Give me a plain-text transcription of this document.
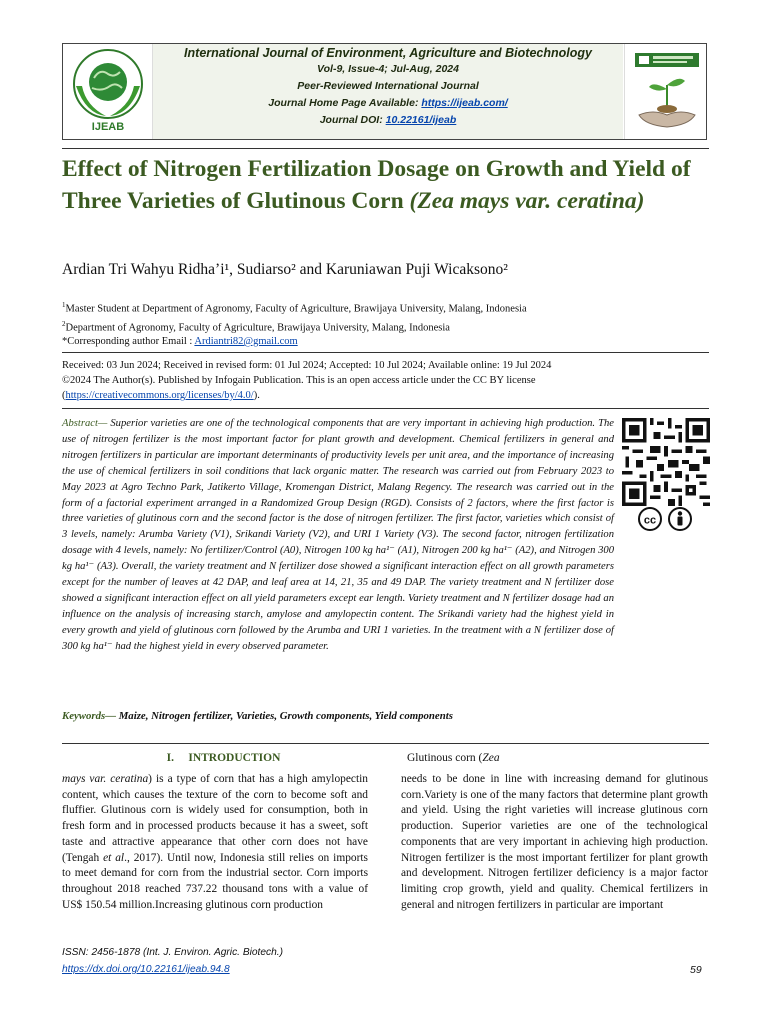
IJEAB
International Journal of Environment, Agriculture and Biotechnology
Vol-9, Issue-4; Jul-Aug, 2024
Peer-Reviewed International Journal
Journal Home Page Available: https://ijeab.com/
Journal DOI: 10.22161/ijeab
Effect of Nitrogen Fertilization Dosage on Growth and Yield of Three Varieties of Glutinous Corn (Zea mays var. ceratina)
Ardian Tri Wahyu Ridha’i¹, Sudiarso² and Karuniawan Puji Wicaksono²
$^1$Master Student at Department of Agronomy, Faculty of Agriculture, Brawijaya University, Malang, Indonesia
$^2$Department of Agronomy, Faculty of Agriculture, Brawijaya University, Malang, Indonesia
*Corresponding author Email : Ardiantri82@gmail.com
Received: 03 Jun 2024; Received in revised form: 01 Jul 2024; Accepted: 10 Jul 2024; Available online: 19 Jul 2024
©2024 The Author(s). Published by Infogain Publication. This is an open access article under the CC BY license
(https://creativecommons.org/licenses/by/4.0/).
Abstract— Superior varieties are one of the technological components that are very important in achieving high production. The use of nitrogen fertilizer is the most important factor for plant growth and development. Chemical fertilizers in general and nitrogen fertilizers in particular are important determinants of productivity levels per unit area, and the importance of increasing the use of chemical fertilizers in soil conditions that lack organic matter. The research was carried out from February 2023 to May 2023 at Agro Techno Park, Jatikerto Village, Kromengan District, Malang Regency. The research was carried out in the form of a factorial experiment arranged in a Randomized Group Design (RGD). Consists of 2 factors, where the first factor is three varieties of glutinous corn and the second factor is the dose of nitrogen fertilizer. The first factor, varieties which consist of 3 levels, namely: Arumba Variety (V1), Srikandi Variety (V2), and URI 1 Variety (V3). The second factor, nitrogen fertilization dosage with 4 levels, namely: No fertilizer/Control (A0), Nitrogen 100 kg ha¹⁻ (A1), Nitrogen 200 kg ha¹⁻ (A2), and Nitrogen 300 kg ha¹⁻ (A3). Overall, the variety treatment and N fertilizer dose showed a significant interaction effect on all growth parameters except for the number of leaves at 42 DAP, and leaf area at 14, 21, 35 and 49 DAP. The variety treatment and N fertilizer dose showed a significant interaction effect on all yield parameters except ear length. Variety treatment and N fertilizer dosage had an influence on the analysis of increasing starch, amylose and amylopectin content. The Srikandi variety had the highest yield in every growth and yield of glutinous corn followed by the Arumba and URI 1 varieties. In the treatment with a N fertilizer dose of 300 kg ha¹⁻ had the highest yield in every observed parameter.
cc
Keywords— Maize, Nitrogen fertilizer, Varieties, Growth components, Yield components
I. INTRODUCTION	Glutinous corn (Zea
mays var. ceratina) is a type of corn that has a high amylopectin content, which causes the texture of the corn to become soft and fluffier. Glutinous corn is widely used for consumption, both in fresh form and in processed products because it has a sweet, soft taste and attractive appearance that other corn does not have (Tengah et al., 2017). Until now, Indonesia still relies on imports to meet demand for corn from the industrial sector. Corn imports throughout 2018 reached 737.22 thousand tons with a value of US$ 150.54 million.Increasing glutinous corn production
needs to be done in line with increasing demand for glutinous corn.Variety is one of the many factors that determine plant growth and yield. Using the right varieties will increase glutinous corn production. Superior varieties are one of the technological components that are very important in achieving high production. Nitrogen fertilizer is the most important fertilizer for plant growth and development. Nitrogen fertilizer deficiency is a major factor limiting crop growth, yield and quality. Chemical fertilizers in general and nitrogen fertilizers in particular are important
ISSN: 2456-1878 (Int. J. Environ. Agric. Biotech.)
https://dx.doi.org/10.22161/ijeab.94.8	59
